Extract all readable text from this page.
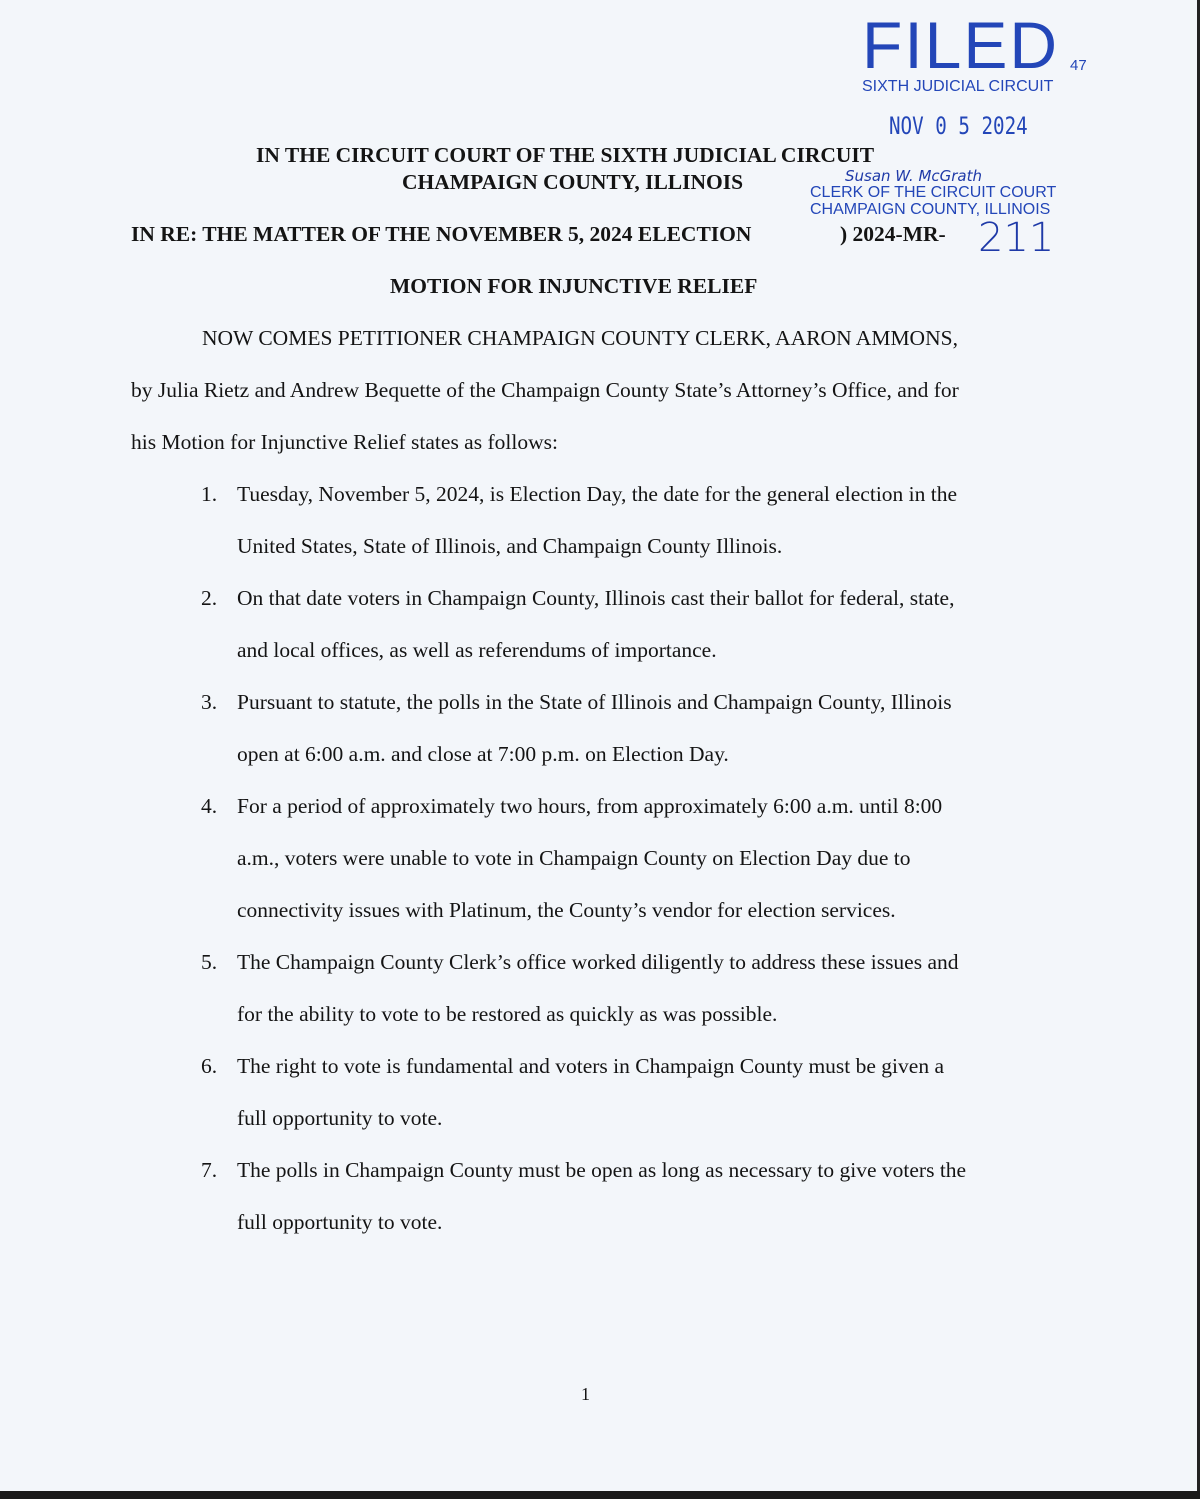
FILED 47
SIXTH JUDICIAL CIRCUIT
NOV 0 5 2024
Susan W. McGrath
CLERK OF THE CIRCUIT COURT
CHAMPAIGN COUNTY, ILLINOIS
211
IN THE CIRCUIT COURT OF THE SIXTH JUDICIAL CIRCUIT
CHAMPAIGN COUNTY, ILLINOIS
IN RE: THE MATTER OF THE NOVEMBER 5, 2024 ELECTION	) 2024-MR-
MOTION FOR INJUNCTIVE RELIEF
NOW COMES PETITIONER CHAMPAIGN COUNTY CLERK, AARON AMMONS,
by Julia Rietz and Andrew Bequette of the Champaign County State’s Attorney’s Office, and for
his Motion for Injunctive Relief states as follows:
1. Tuesday, November 5, 2024, is Election Day, the date for the general election in the
United States, State of Illinois, and Champaign County Illinois.
2. On that date voters in Champaign County, Illinois cast their ballot for federal, state,
and local offices, as well as referendums of importance.
3. Pursuant to statute, the polls in the State of Illinois and Champaign County, Illinois
open at 6:00 a.m. and close at 7:00 p.m. on Election Day.
4. For a period of approximately two hours, from approximately 6:00 a.m. until 8:00
a.m., voters were unable to vote in Champaign County on Election Day due to
connectivity issues with Platinum, the County’s vendor for election services.
5. The Champaign County Clerk’s office worked diligently to address these issues and
for the ability to vote to be restored as quickly as was possible.
6. The right to vote is fundamental and voters in Champaign County must be given a
full opportunity to vote.
7. The polls in Champaign County must be open as long as necessary to give voters the
full opportunity to vote.
1
